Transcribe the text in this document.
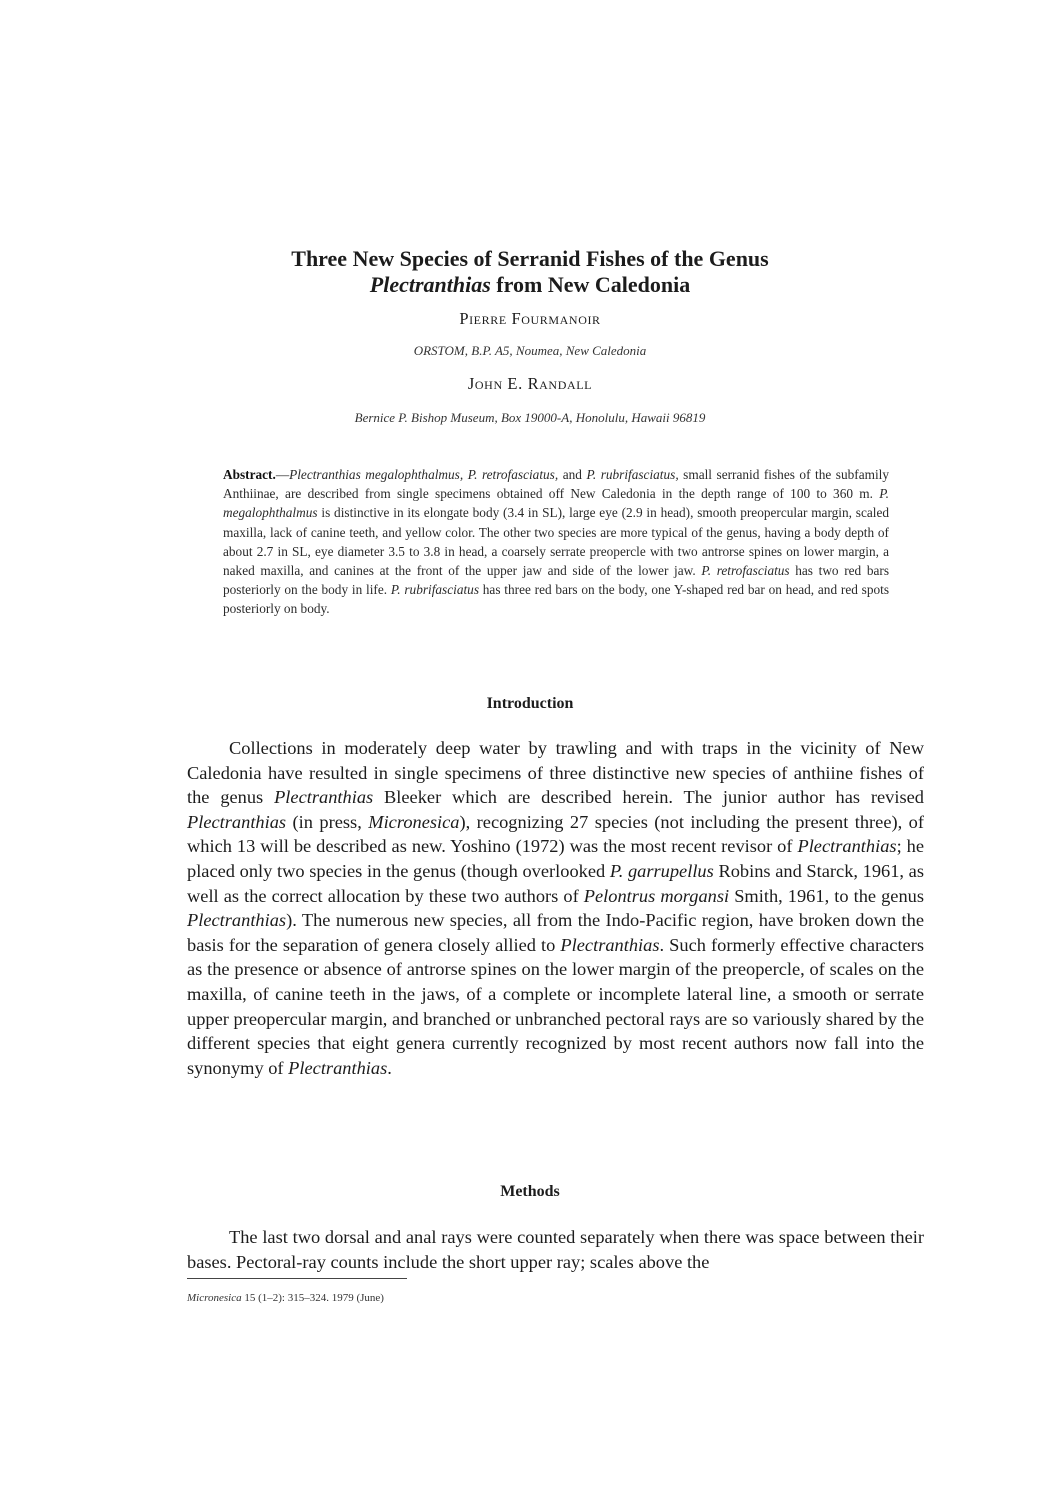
Three New Species of Serranid Fishes of the Genus
Plectranthias from New Caledonia
Pierre Fourmanoir
ORSTOM, B.P. A5, Noumea, New Caledonia
John E. Randall
Bernice P. Bishop Museum, Box 19000-A, Honolulu, Hawaii 96819
Abstract.—Plectranthias megalophthalmus, P. retrofasciatus, and P. rubrifasciatus, small serranid fishes of the subfamily Anthiinae, are described from single specimens obtained off New Caledonia in the depth range of 100 to 360 m. P. megalophthalmus is distinctive in its elongate body (3.4 in SL), large eye (2.9 in head), smooth preopercular margin, scaled maxilla, lack of canine teeth, and yellow color. The other two species are more typical of the genus, having a body depth of about 2.7 in SL, eye diameter 3.5 to 3.8 in head, a coarsely serrate preopercle with two antrorse spines on lower margin, a naked maxilla, and canines at the front of the upper jaw and side of the lower jaw. P. retrofasciatus has two red bars posteriorly on the body in life. P. rubrifasciatus has three red bars on the body, one Y-shaped red bar on head, and red spots posteriorly on body.
Introduction

Collections in moderately deep water by trawling and with traps in the vicinity of New Caledonia have resulted in single specimens of three distinctive new species of anthiine fishes of the genus Plectranthias Bleeker which are described herein. The junior author has revised Plectranthias (in press, Micronesica), recognizing 27 species (not including the present three), of which 13 will be described as new. Yoshino (1972) was the most recent revisor of Plectranthias; he placed only two species in the genus (though overlooked P. garrupellus Robins and Starck, 1961, as well as the correct allocation by these two authors of Pelontrus morgansi Smith, 1961, to the genus Plectranthias). The numerous new species, all from the Indo-Pacific region, have broken down the basis for the separation of genera closely allied to Plectranthias. Such formerly effective characters as the presence or absence of antrorse spines on the lower margin of the preopercle, of scales on the maxilla, of canine teeth in the jaws, of a complete or incomplete lateral line, a smooth or serrate upper preopercular margin, and branched or unbranched pectoral rays are so variously shared by the different species that eight genera currently recognized by most recent authors now fall into the synonymy of Plectranthias.

Methods

The last two dorsal and anal rays were counted separately when there was space between their bases. Pectoral-ray counts include the short upper ray; scales above the

Micronesica 15 (1–2): 315–324. 1979 (June)
